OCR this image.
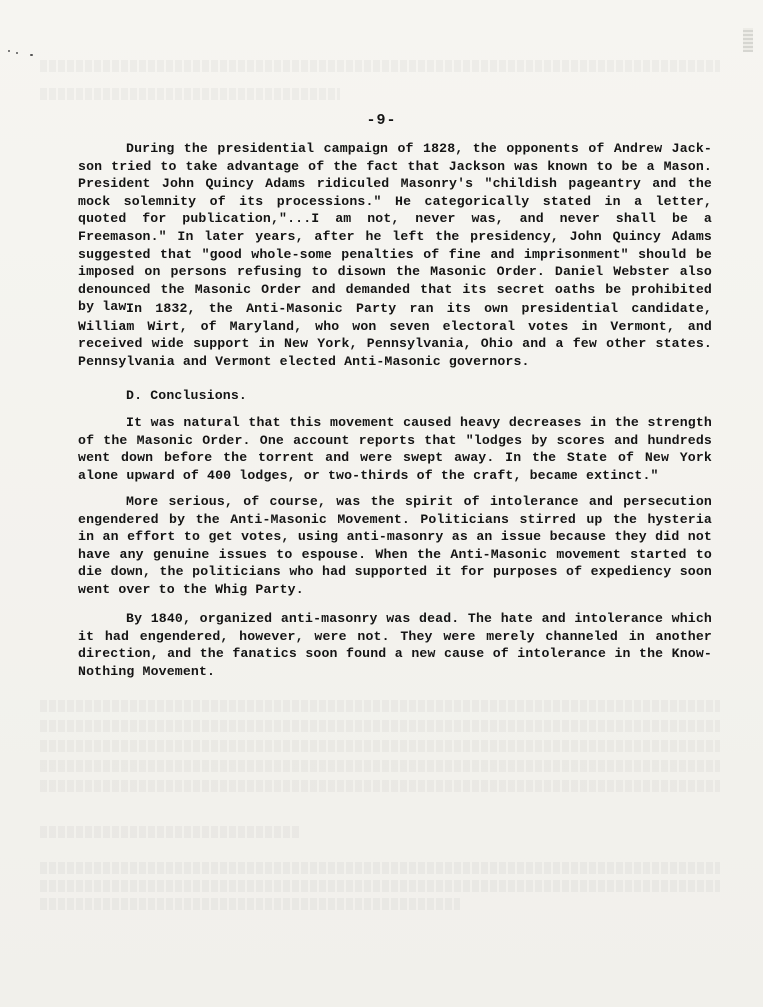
-9-

During the presidential campaign of 1828, the opponents of Andrew Jack-son tried to take advantage of the fact that Jackson was known to be a Mason. President John Quincy Adams ridiculed Masonry's "childish pageantry and the mock solemnity of its processions." He categorically stated in a letter, quoted for publication,"...I am not, never was, and never shall be a Freemason." In later years, after he left the presidency, John Quincy Adams suggested that "good whole-some penalties of fine and imprisonment" should be imposed on persons refusing to disown the Masonic Order. Daniel Webster also denounced the Masonic Order and demanded that its secret oaths be prohibited by law.

In 1832, the Anti-Masonic Party ran its own presidential candidate, William Wirt, of Maryland, who won seven electoral votes in Vermont, and received wide support in New York, Pennsylvania, Ohio and a few other states. Pennsylvania and Vermont elected Anti-Masonic governors.

D. Conclusions.

It was natural that this movement caused heavy decreases in the strength of the Masonic Order. One account reports that "lodges by scores and hundreds went down before the torrent and were swept away. In the State of New York alone upward of 400 lodges, or two-thirds of the craft, became extinct."

More serious, of course, was the spirit of intolerance and persecution engendered by the Anti-Masonic Movement. Politicians stirred up the hysteria in an effort to get votes, using anti-masonry as an issue because they did not have any genuine issues to espouse. When the Anti-Masonic movement started to die down, the politicians who had supported it for purposes of expediency soon went over to the Whig Party.

By 1840, organized anti-masonry was dead. The hate and intolerance which it had engendered, however, were not. They were merely channeled in another direction, and the fanatics soon found a new cause of intolerance in the Know-Nothing Movement.
